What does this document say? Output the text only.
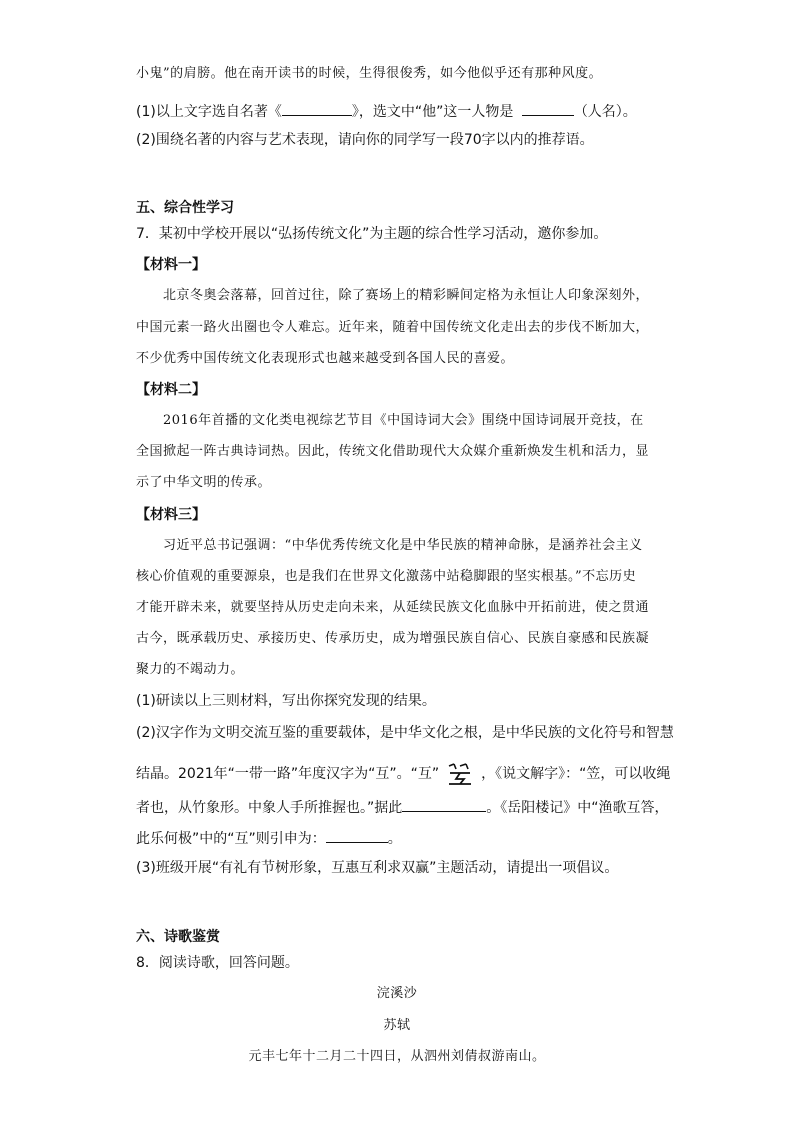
小鬼”的肩膀。他在南开读书的时候，生得很俊秀，如今他似乎还有那种风度。
(1)以上文字选自名著《	》，选文中“他”这一人物是	（人名）。
(2)围绕名著的内容与艺术表现，请向你的同学写一段70字以内的推荐语。
五、综合性学习
7．某初中学校开展以“弘扬传统文化”为主题的综合性学习活动，邀你参加。
【材料一】
北京冬奥会落幕，回首过往，除了赛场上的精彩瞬间定格为永恒让人印象深刻外，
中国元素一路火出圈也令人难忘。近年来，随着中国传统文化走出去的步伐不断加大，
不少优秀中国传统文化表现形式也越来越受到各国人民的喜爱。
【材料二】
2016年首播的文化类电视综艺节目《中国诗词大会》围绕中国诗词展开竞技，在
全国掀起一阵古典诗词热。因此，传统文化借助现代大众媒介重新焕发生机和活力，显
示了中华文明的传承。
【材料三】
习近平总书记强调：“中华优秀传统文化是中华民族的精神命脉，是涵养社会主义
核心价值观的重要源泉，也是我们在世界文化激荡中站稳脚跟的坚实根基。”不忘历史
才能开辟未来，就要坚持从历史走向未来，从延续民族文化血脉中开拓前进，使之贯通
古今，既承载历史、承接历史、传承历史，成为增强民族自信心、民族自豪感和民族凝
聚力的不竭动力。
(1)研读以上三则材料，写出你探究发现的结果。
(2)汉字作为文明交流互鉴的重要载体，是中华文化之根，是中华民族的文化符号和智慧
结晶。2021年“一带一路”年度汉字为“互”。“互”	，《说文解字》：“笠，可以收绳
者也，从竹象形。中象人手所推握也。”据此	。《岳阳楼记》中“渔歌互答，
此乐何极”中的“互”则引申为：	。
(3)班级开展“有礼有节树形象，互惠互利求双赢”主题活动，请提出一项倡议。
六、诗歌鉴赏
8．阅读诗歌，回答问题。
浣溪沙
苏轼
元丰七年十二月二十四日，从泗州刘倩叔游南山。
